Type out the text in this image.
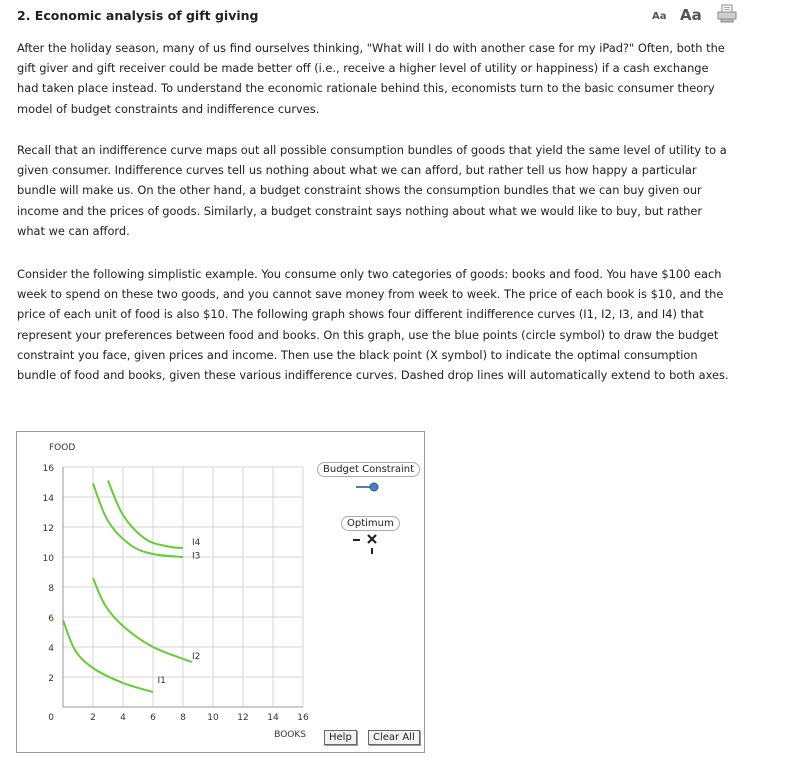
2. Economic analysis of gift giving	Aa Aa

After the holiday season, many of us find ourselves thinking, "What will I do with another case for my iPad?" Often, both the gift giver and gift receiver could be made better off (i.e., receive a higher level of utility or happiness) if a cash exchange had taken place instead. To understand the economic rationale behind this, economists turn to the basic consumer theory model of budget constraints and indifference curves.

Recall that an indifference curve maps out all possible consumption bundles of goods that yield the same level of utility to a given consumer. Indifference curves tell us nothing about what we can afford, but rather tell us how happy a particular bundle will make us. On the other hand, a budget constraint shows the consumption bundles that we can buy given our income and the prices of goods. Similarly, a budget constraint says nothing about what we would like to buy, but rather what we can afford.

Consider the following simplistic example. You consume only two categories of goods: books and food. You have $100 each week to spend on these two goods, and you cannot save money from week to week. The price of each book is $10, and the price of each unit of food is also $10. The following graph shows four different indifference curves (I1, I2, I3, and I4) that represent your preferences between food and books. On this graph, use the blue points (circle symbol) to draw the budget constraint you face, given prices and income. Then use the black point (X symbol) to indicate the optimal consumption bundle of food and books, given these various indifference curves. Dashed drop lines will automatically extend to both axes.

0
2
4
6
8
10
12
14
16
2	4	6	8 10 12 14 16
FOOD
BOOKS
I1
I2
I3
I4
Budget Constraint
Optimum
Help	Clear All
